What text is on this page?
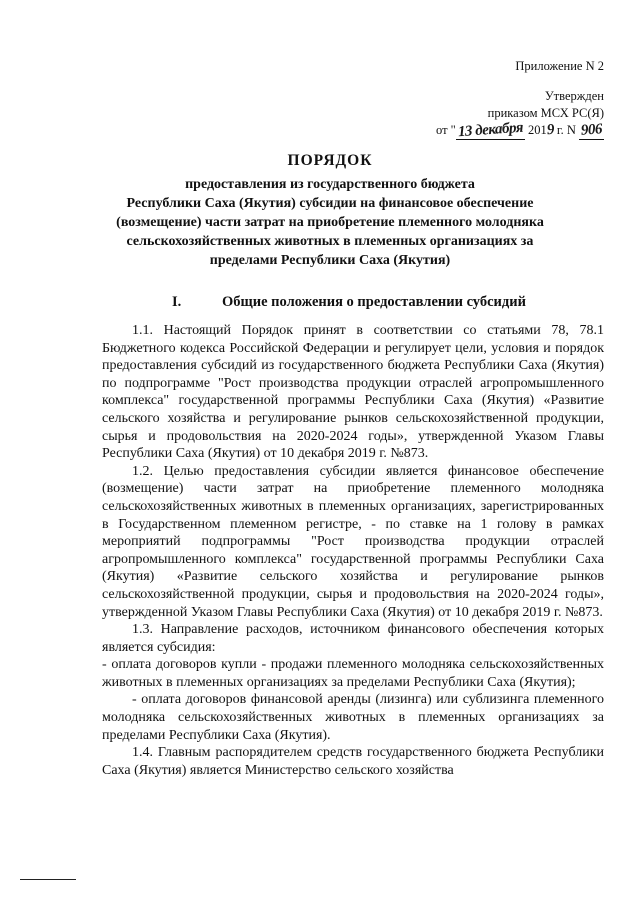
Приложение N 2
Утвержден
приказом МСХ РС(Я)
от "13 декабря 2019 г. N 906
ПОРЯДОК
предоставления из государственного бюджета
Республики Саха (Якутия) субсидии на финансовое обеспечение
(возмещение) части затрат на приобретение племенного молодняка
сельскохозяйственных животных в племенных организациях за
пределами Республики Саха (Якутия)
I.	Общие положения о предоставлении субсидий

1.1. Настоящий Порядок принят в соответствии со статьями 78, 78.1 Бюджетного кодекса Российской Федерации и регулирует цели, условия и порядок предоставления субсидий из государственного бюджета Республики Саха (Якутия) по подпрограмме "Рост производства продукции отраслей агропромышленного комплекса" государственной программы Республики Саха (Якутия) «Развитие сельского хозяйства и регулирование рынков сельскохозяйственной продукции, сырья и продовольствия на 2020-2024 годы», утвержденной Указом Главы Республики Саха (Якутия) от 10 декабря 2019 г. №873.

1.2. Целью предоставления субсидии является финансовое обеспечение (возмещение) части затрат на приобретение племенного молодняка сельскохозяйственных животных в племенных организациях, зарегистрированных в Государственном племенном регистре, - по ставке на 1 голову в рамках мероприятий подпрограммы "Рост производства продукции отраслей агропромышленного комплекса" государственной программы Республики Саха (Якутия) «Развитие сельского хозяйства и регулирование рынков сельскохозяйственной продукции, сырья и продовольствия на 2020-2024 годы», утвержденной Указом Главы Республики Саха (Якутия) от 10 декабря 2019 г. №873.

1.3. Направление расходов, источником финансового обеспечения которых является субсидия:

- оплата договоров купли - продажи племенного молодняка сельскохозяйственных животных в племенных организациях за пределами Республики Саха (Якутия);

- оплата договоров финансовой аренды (лизинга) или сублизинга племенного молодняка сельскохозяйственных животных в племенных организациях за пределами Республики Саха (Якутия).

1.4. Главным распорядителем средств государственного бюджета Республики Саха (Якутия) является Министерство сельского хозяйства
